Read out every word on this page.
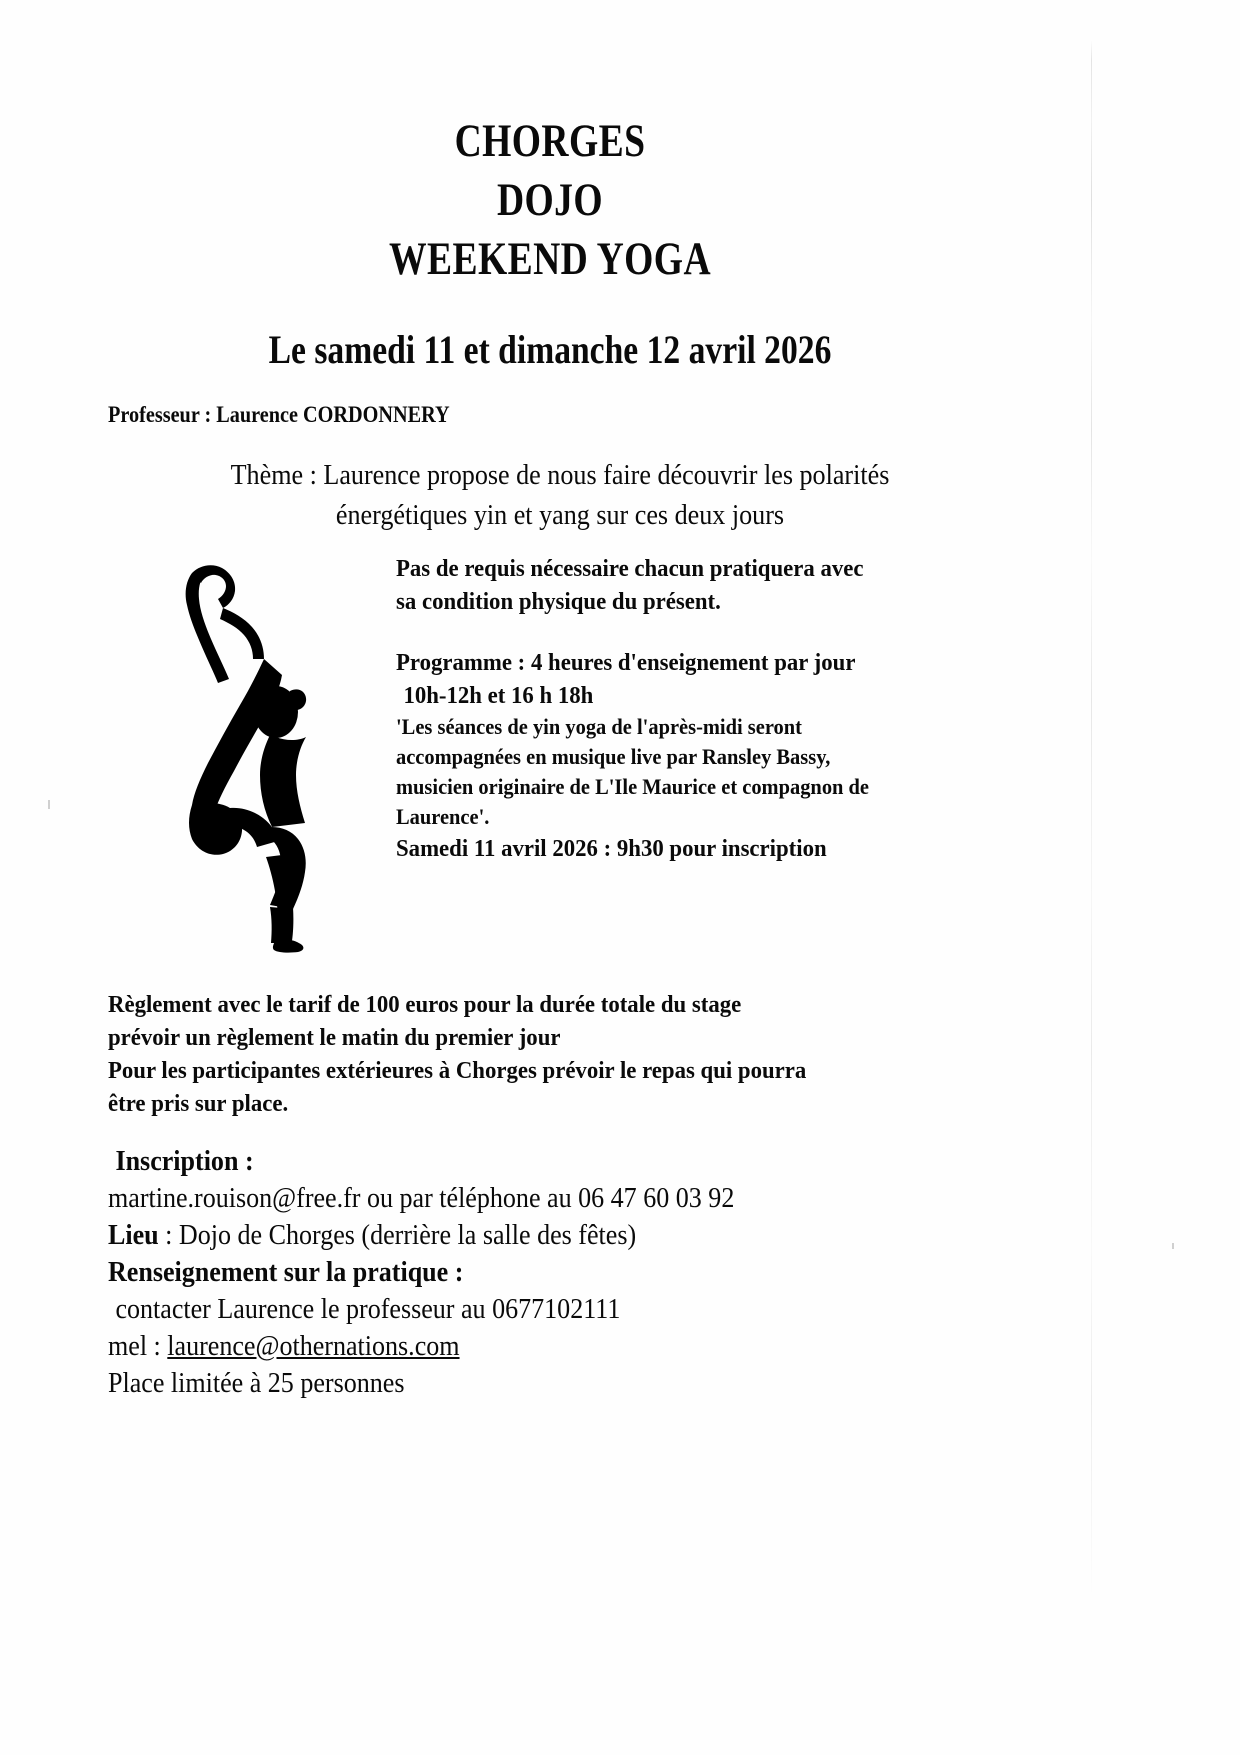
CHORGES
DOJO
WEEKEND YOGA
Le samedi 11 et dimanche 12 avril 2026
Professeur : Laurence CORDONNERY
Thème : Laurence propose de nous faire découvrir les polarités
énergétiques yin et yang sur ces deux jours
Pas de requis nécessaire chacun pratiquera avec
sa condition physique du présent.
Programme : 4 heures d'enseignement par jour
10h-12h et 16 h 18h
'Les séances de yin yoga de l'après-midi seront
accompagnées en musique live par Ransley Bassy,
musicien originaire de L'Ile Maurice et compagnon de
Laurence'.
Samedi 11 avril 2026 : 9h30 pour inscription
Règlement avec le tarif de 100 euros pour la durée totale du stage
prévoir un règlement le matin du premier jour
Pour les participantes extérieures à Chorges prévoir le repas qui pourra
être pris sur place.
Inscription :
martine.rouison@free.fr ou par téléphone au 06 47 60 03 92
Lieu : Dojo de Chorges (derrière la salle des fêtes)
Renseignement sur la pratique :
contacter Laurence le professeur au 0677102111
mel : laurence@othernations.com
Place limitée à 25 personnes
